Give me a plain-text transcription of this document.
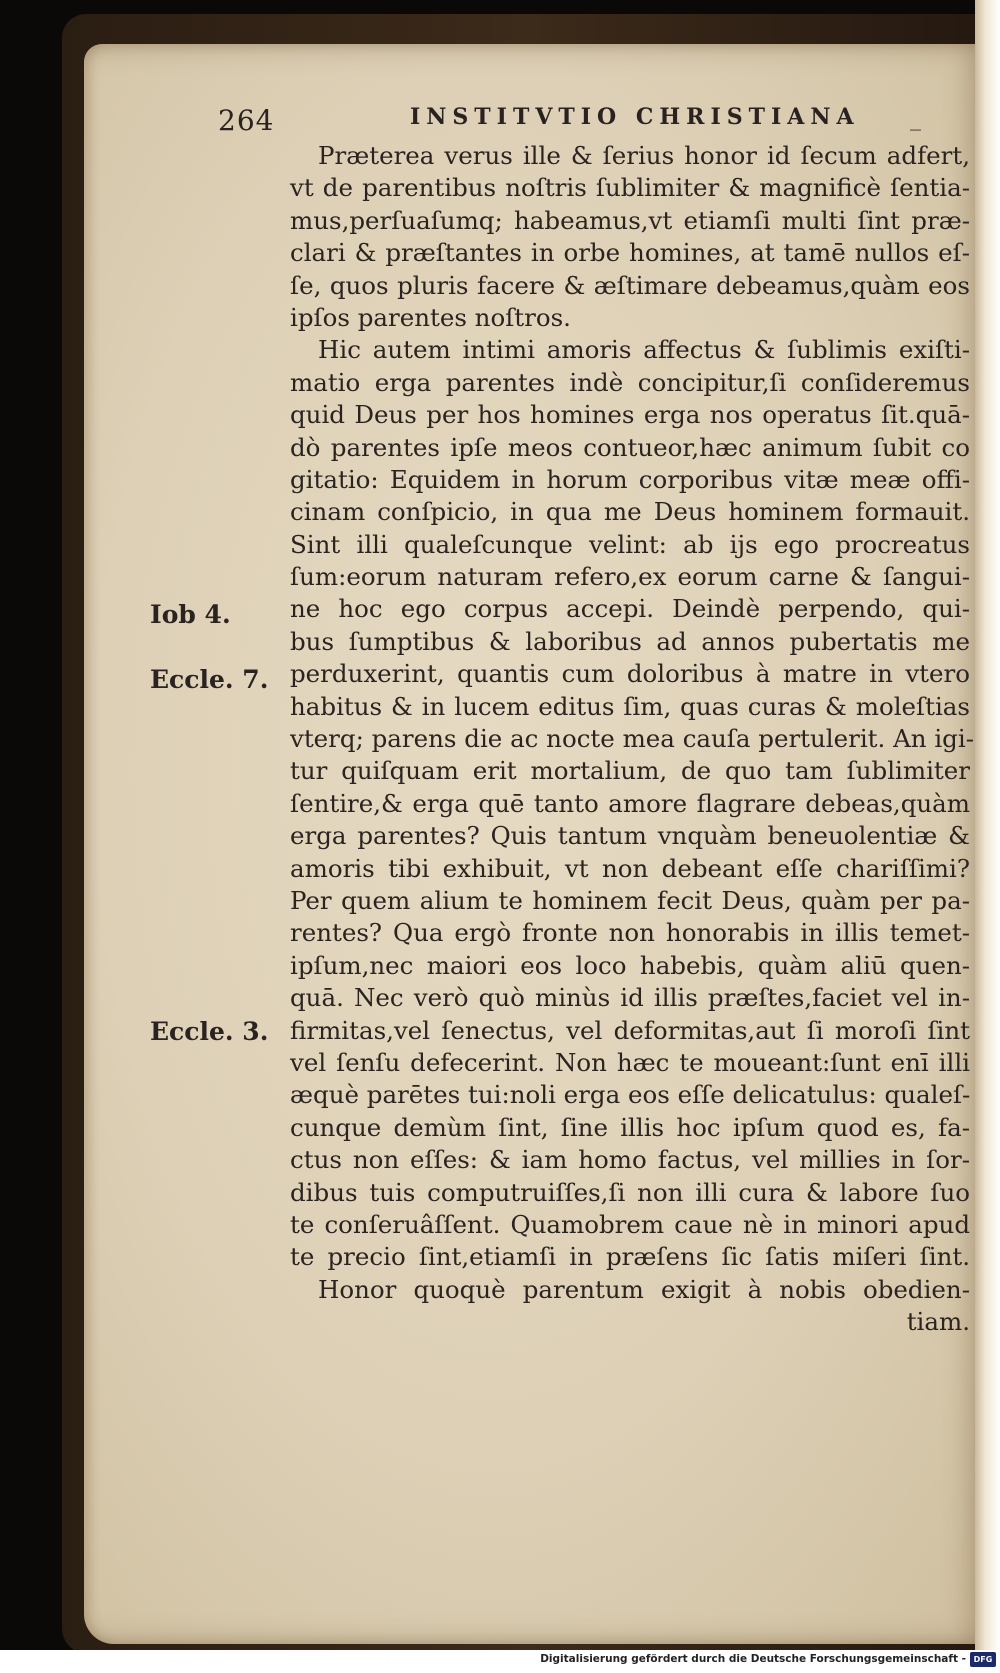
264	INSTITVTIO CHRISTIANA _
Iob 4.
Eccle. 7.
Eccle. 3.
Præterea verus ille & ſerius honor id ſecum adfert,
vt de parentibus noſtris ſublimiter & magnificè ſentia-
mus,perſuaſumq; habeamus,vt etiamſi multi ſint præ-
clari & præſtantes in orbe homines, at tamē nullos eſ-
ſe, quos pluris facere & æſtimare debeamus,quàm eos
ipſos parentes noſtros.
Hic autem intimi amoris affectus & ſublimis exiſti-
matio erga parentes indè concipitur,ſi conſideremus
quid Deus per hos homines erga nos operatus ſit.quā-
dò parentes ipſe meos contueor,hæc animum ſubit co
gitatio: Equidem in horum corporibus vitæ meæ offi-
cinam conſpicio, in qua me Deus hominem formauit.
Sint illi qualeſcunque velint: ab ijs ego procreatus
ſum:eorum naturam refero,ex eorum carne & ſangui-
ne hoc ego corpus accepi. Deindè perpendo, qui-
bus ſumptibus & laboribus ad annos pubertatis me
perduxerint, quantis cum doloribus à matre in vtero
habitus & in lucem editus ſim, quas curas & moleſtias
vterq; parens die ac nocte mea cauſa pertulerit. An igi-
tur quiſquam erit mortalium, de quo tam ſublimiter
ſentire,& erga quē tanto amore flagrare debeas,quàm
erga parentes? Quis tantum vnquàm beneuolentiæ &
amoris tibi exhibuit, vt non debeant eſſe chariſſimi?
Per quem alium te hominem fecit Deus, quàm per pa-
rentes? Qua ergò fronte non honorabis in illis temet-
ipſum,nec maiori eos loco habebis, quàm aliū quen-
quā. Nec verò quò minùs id illis præſtes,faciet vel in-
firmitas,vel ſenectus, vel deformitas,aut ſi moroſi ſint
vel ſenſu defecerint. Non hæc te moueant:ſunt enī illi
æquè parētes tui:noli erga eos eſſe delicatulus: qualeſ-
cunque demùm ſint, ſine illis hoc ipſum quod es, fa-
ctus non eſſes: & iam homo factus, vel millies in ſor-
dibus tuis computruiſſes,ſi non illi cura & labore ſuo
te conſeruâſſent. Quamobrem caue nè in minori apud
te precio ſint,etiamſi in præſens ſic ſatis miſeri ſint.
Honor quoquè parentum exigit à nobis obedien-
tiam.
Digitalisierung gefördert durch die Deutsche Forschungsgemeinschaft - DFG
